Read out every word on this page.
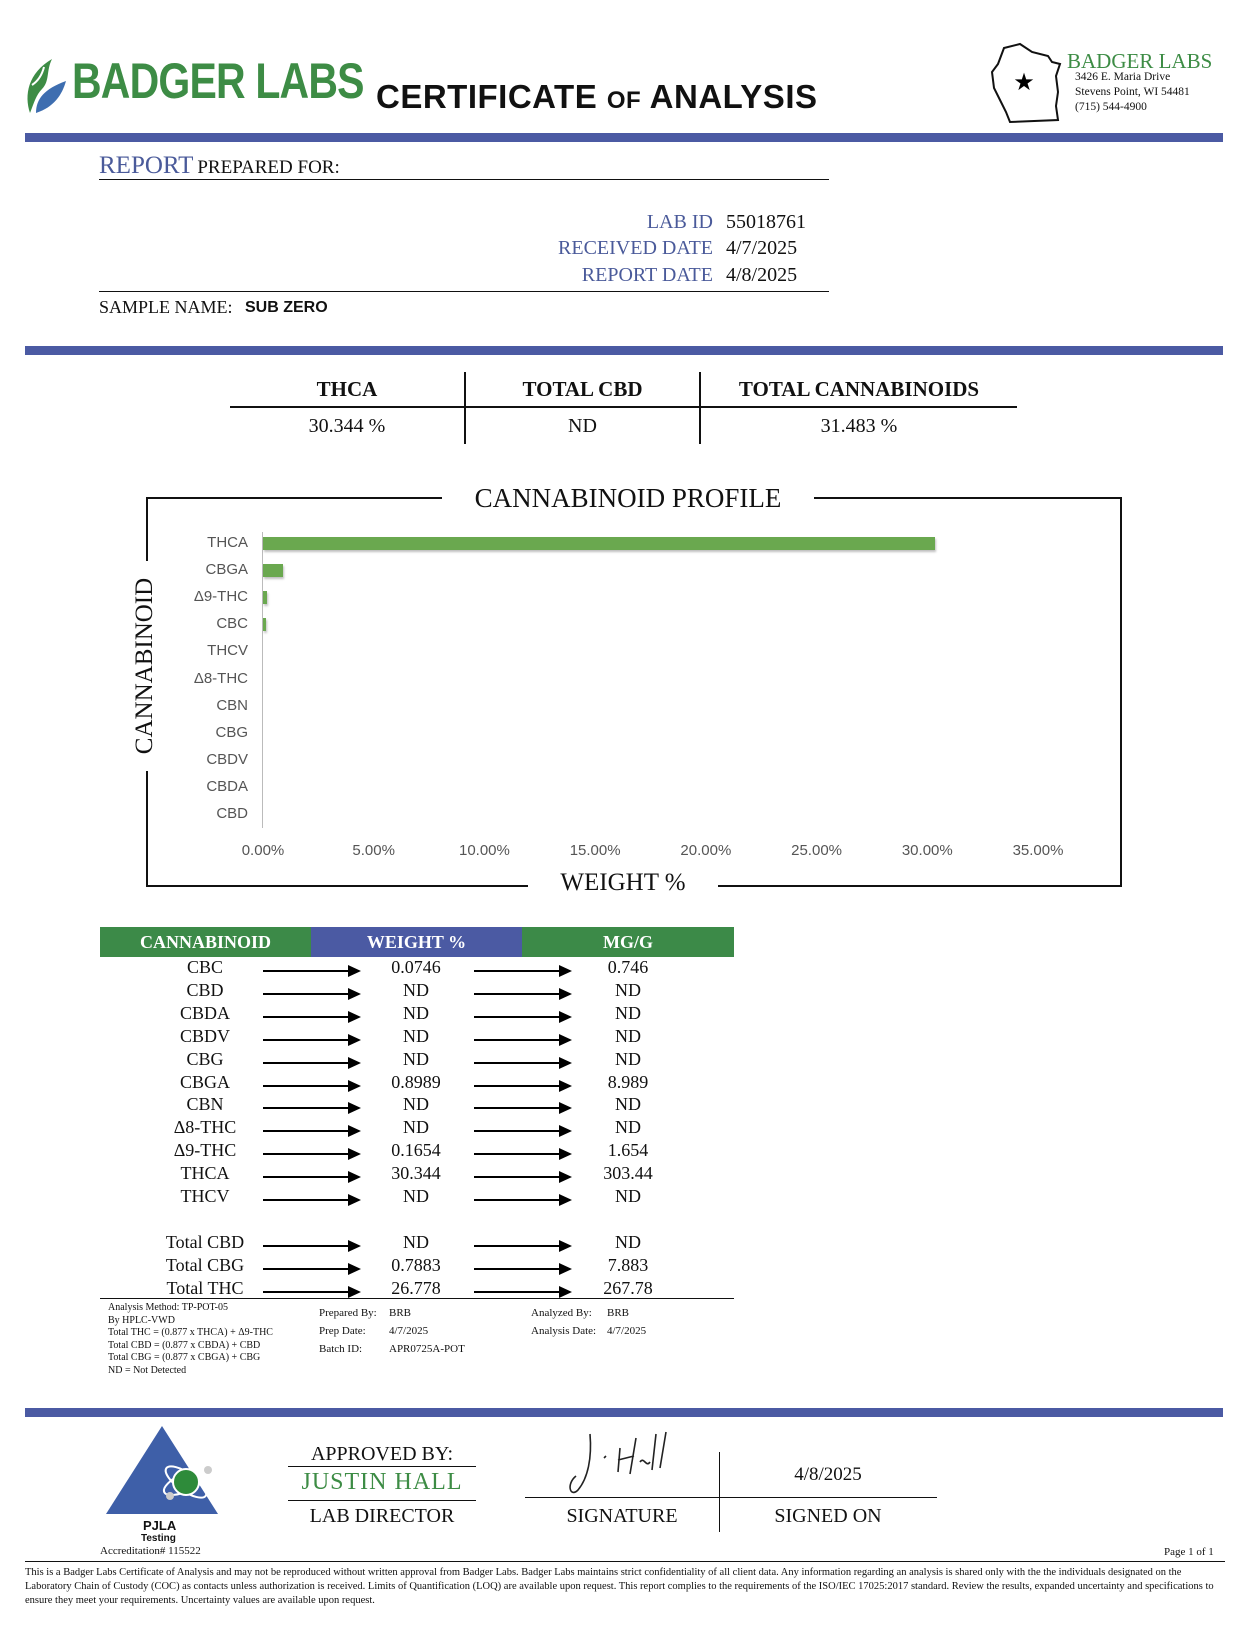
BADGER LABS CERTIFICATE OF ANALYSIS	★
BADGER LABS
3426 E. Maria Drive
Stevens Point, WI 54481
(715) 544-4900
REPORT PREPARED FOR:
LAB ID 55018761
RECEIVED DATE 4/7/2025
REPORT DATE 4/8/2025
SAMPLE NAME: SUB ZERO
THCA	TOTAL CBD	TOTAL CANNABINOIDS
30.344 %	ND	31.483 %
CANNABINOID PROFILE
WEIGHT %
CANNABINOID
THCA
CBGA
Δ9-THC
CBC
THCV
Δ8-THC
CBN
CBG
CBDV
CBDA
CBD
0.00%	5.00%	10.00%	15.00%	20.00%	25.00%	30.00%	35.00%
CANNABINOID	WEIGHT %	MG/G
CBC	0.0746	0.746
CBD	ND	ND
CBDA	ND	ND
CBDV	ND	ND
CBG	ND	ND
CBGA	0.8989	8.989
CBN	ND	ND
Δ8-THC	ND	ND
Δ9-THC	0.1654	1.654
THCA	30.344	303.44
THCV	ND	ND
Total CBD	ND	ND
Total CBG	0.7883	7.883
Total THC	26.778	267.78
Analysis Method: TP-POT-05
By HPLC-VWD
Total THC = (0.877 x THCA) + Δ9-THC
Total CBD = (0.877 x CBDA) + CBD
Total CBG = (0.877 x CBGA) + CBG
ND = Not Detected
Prepared By: BRB
Prep Date: 4/7/2025
Batch ID: APR0725A-POT
Analyzed By: BRB
Analysis Date: 4/7/2025
PJLA
Testing
Accreditation# 115522
APPROVED BY:
JUSTIN HALL
LAB DIRECTOR
4/8/2025
SIGNATURE	SIGNED ON
Page 1 of 1
This is a Badger Labs Certificate of Analysis and may not be reproduced without written approval from Badger Labs. Badger Labs maintains strict confidentiality of all client data. Any information regarding an analysis is shared only with the the individuals designated on the Laboratory Chain of Custody (COC) as contacts unless authorization is received. Limits of Quantification (LOQ) are available upon request. This report complies to the requirements of the ISO/IEC 17025:2017 standard. Review the results, expanded uncertainty and specifications to ensure they meet your requirements. Uncertainty values are available upon request.
